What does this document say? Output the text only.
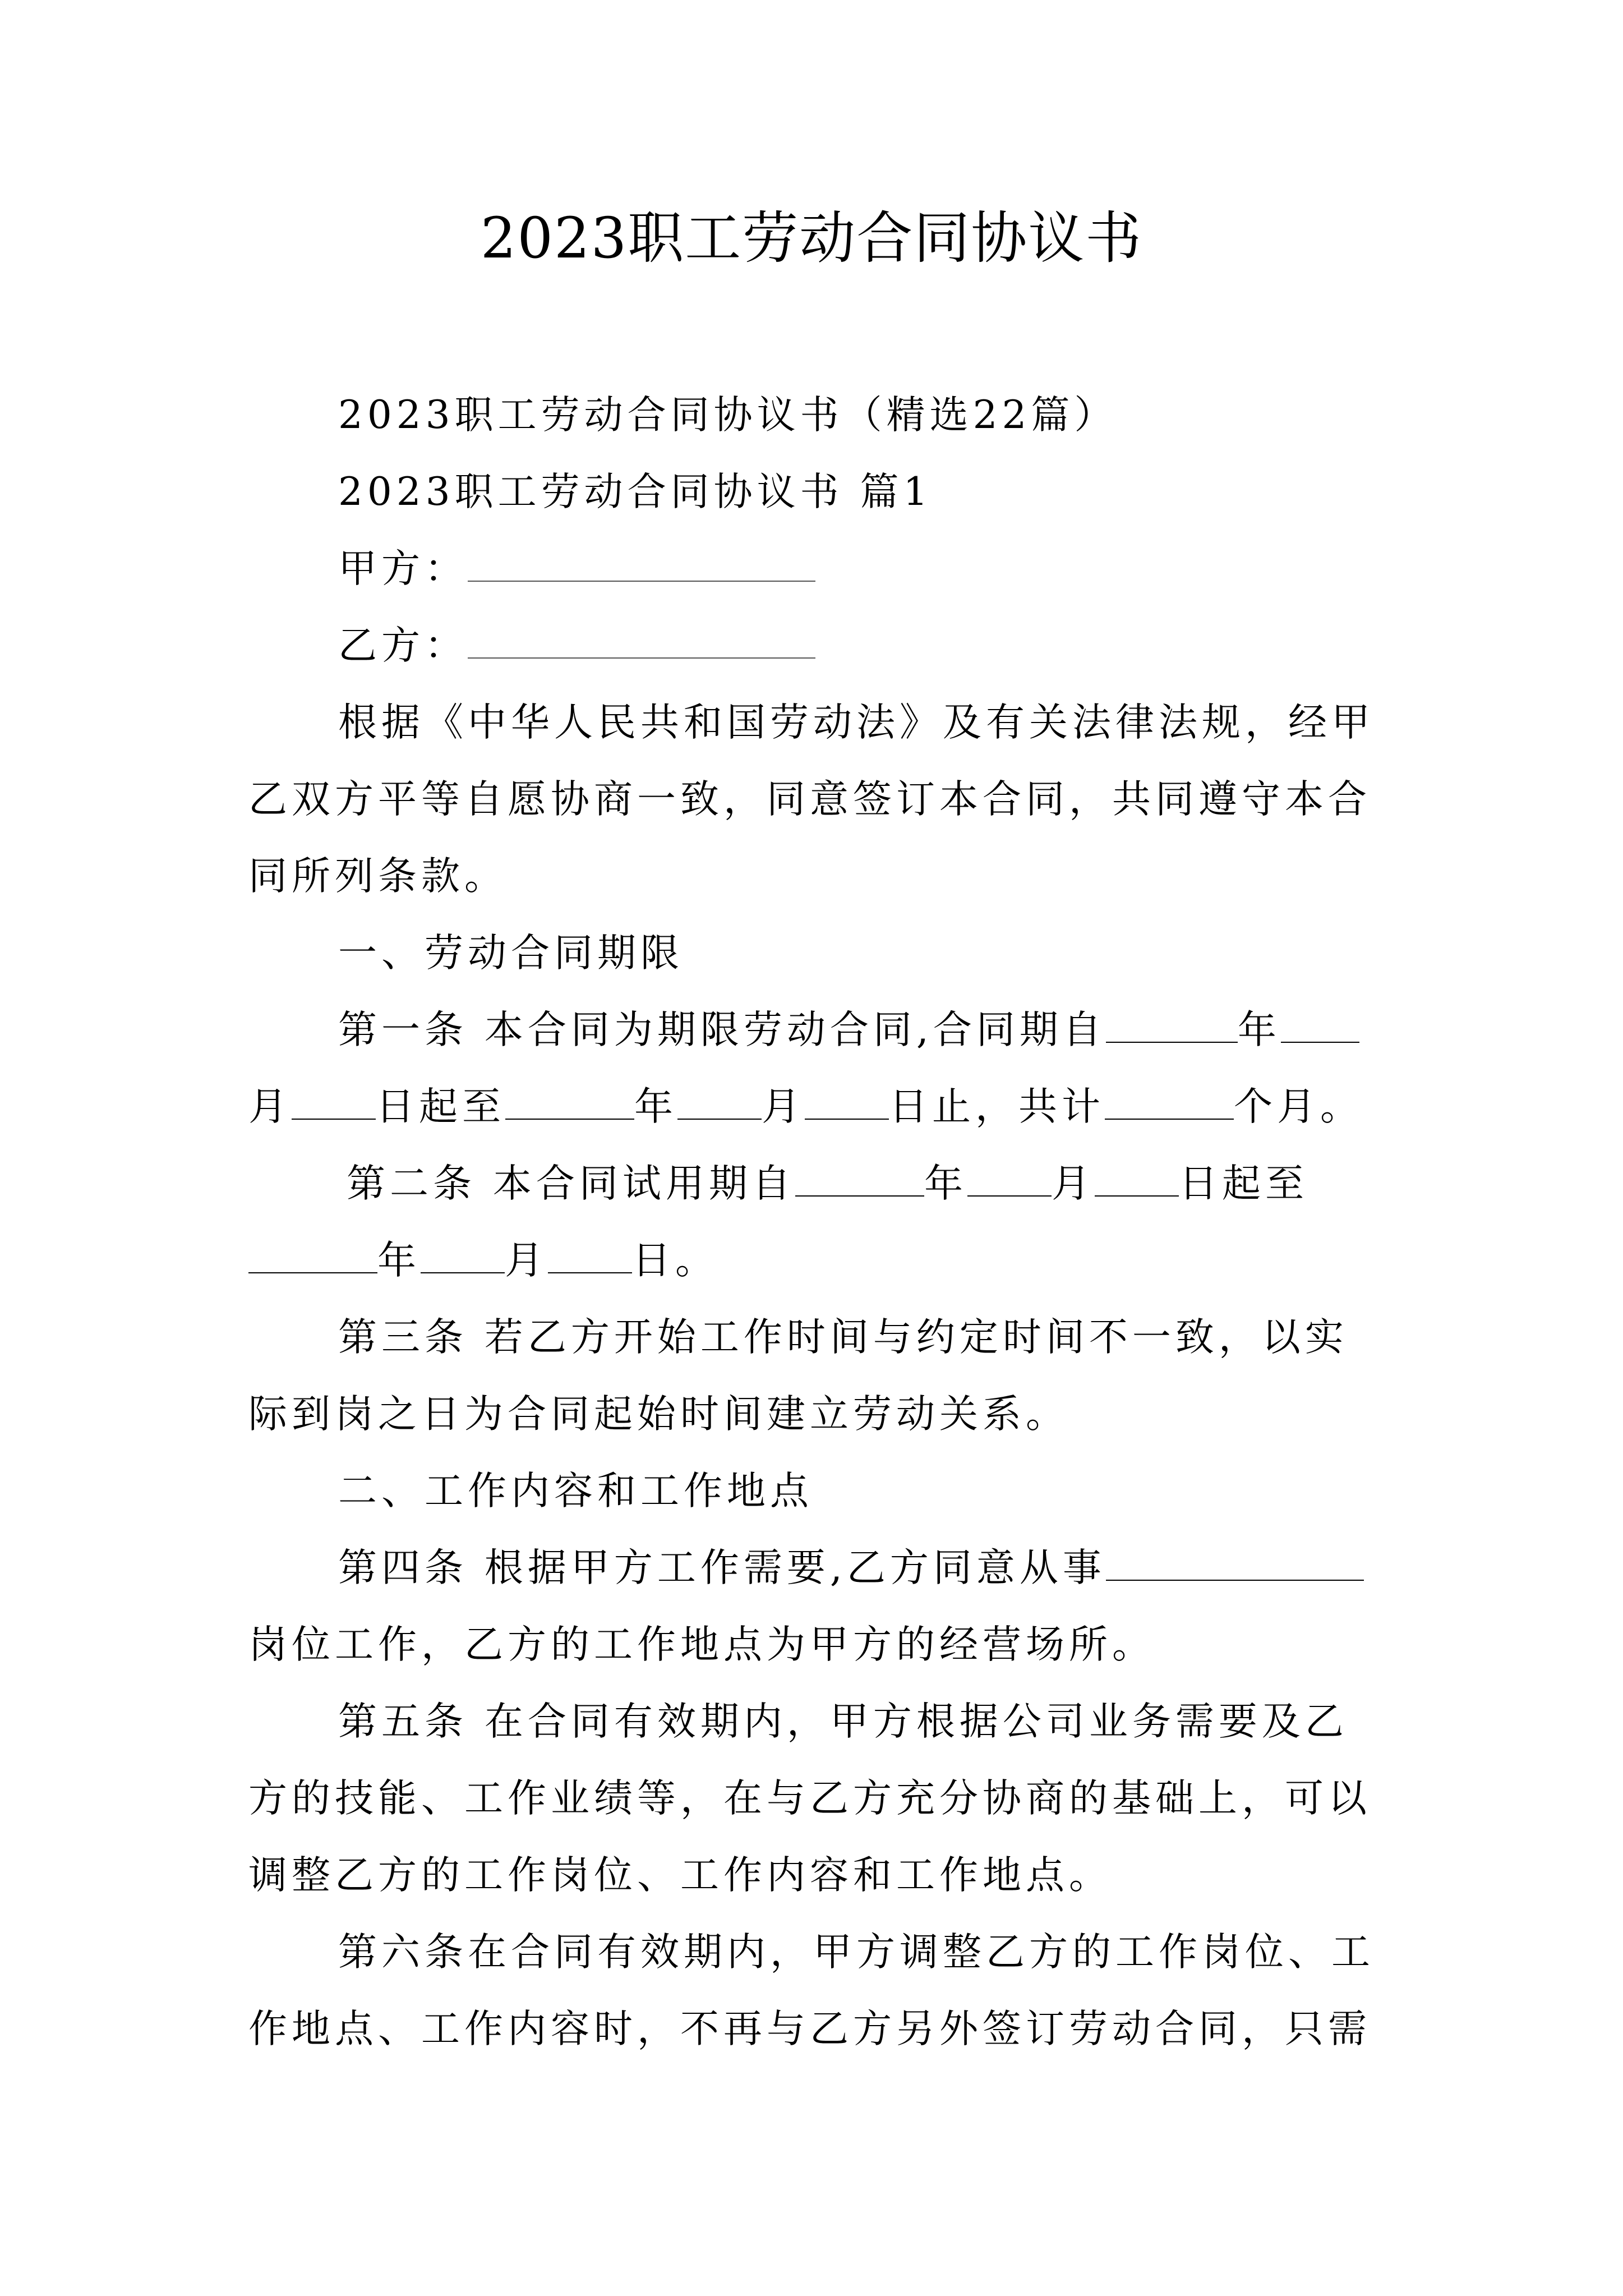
2023职工劳动合同协议书
2023职工劳动合同协议书（精选22篇）
2023职工劳动合同协议书 篇1
甲方：
乙方：
根据《中华人民共和国劳动法》及有关法律法规，经甲
乙双方平等自愿协商一致，同意签订本合同，共同遵守本合
同所列条款。
一、劳动合同期限
第一条 本合同为期限劳动合同,合同期自	年
月 日起至	年 月 日止，共计	个月。
第二条 本合同试用期自	年 月 日起至
年 月 日。
第三条 若乙方开始工作时间与约定时间不一致，以实
际到岗之日为合同起始时间建立劳动关系。
二、工作内容和工作地点
第四条 根据甲方工作需要,乙方同意从事
岗位工作，乙方的工作地点为甲方的经营场所。
第五条 在合同有效期内，甲方根据公司业务需要及乙
方的技能、工作业绩等，在与乙方充分协商的基础上，可以
调整乙方的工作岗位、工作内容和工作地点。
第六条在合同有效期内，甲方调整乙方的工作岗位、工
作地点、工作内容时，不再与乙方另外签订劳动合同，只需
